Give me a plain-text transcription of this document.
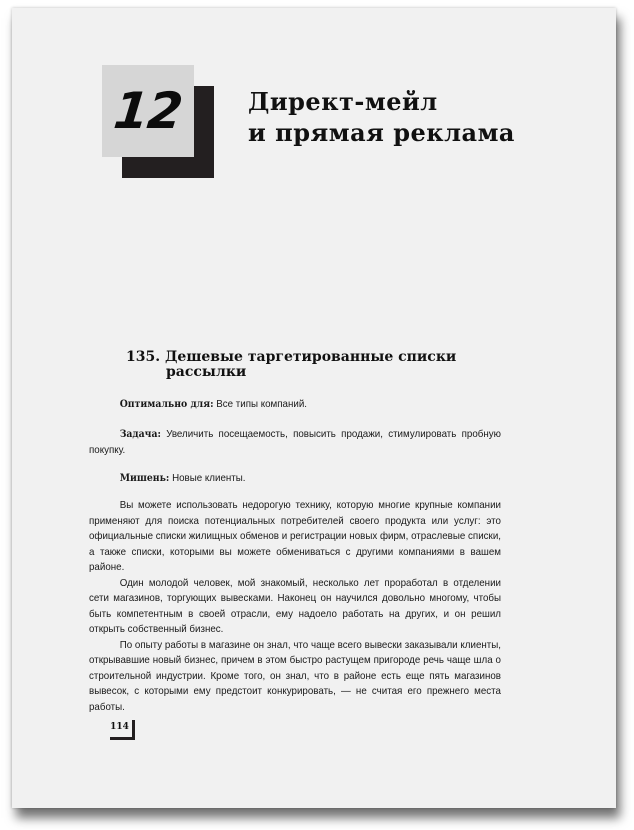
12	Директ-мейл
и прямая реклама
135. Дешевые таргетированные списки
рассылки

Оптимально для: Все типы компаний.

Задача: Увеличить посещаемость, повысить продажи, стимулировать пробную покупку.

Мишень: Новые клиенты.

Вы можете использовать недорогую технику, которую многие крупные компании применяют для поиска потенциальных потребителей своего продукта или услуг: это официальные списки жилищных обменов и регистрации новых фирм, отраслевые списки, а также списки, которыми вы можете обмениваться с другими компаниями в вашем районе.

Один молодой человек, мой знакомый, несколько лет проработал в отделении сети магазинов, торгующих вывесками. Наконец он научился довольно многому, чтобы быть компетентным в своей отрасли, ему надоело работать на других, и он решил открыть собственный бизнес.

По опыту работы в магазине он знал, что чаще всего вывески заказывали клиенты, открывавшие новый бизнес, причем в этом быстро растущем пригороде речь чаще шла о строительной индустрии. Кроме того, он знал, что в районе есть еще пять магазинов вывесок, с которыми ему предстоит конкурировать, — не считая его прежнего места работы.

114
